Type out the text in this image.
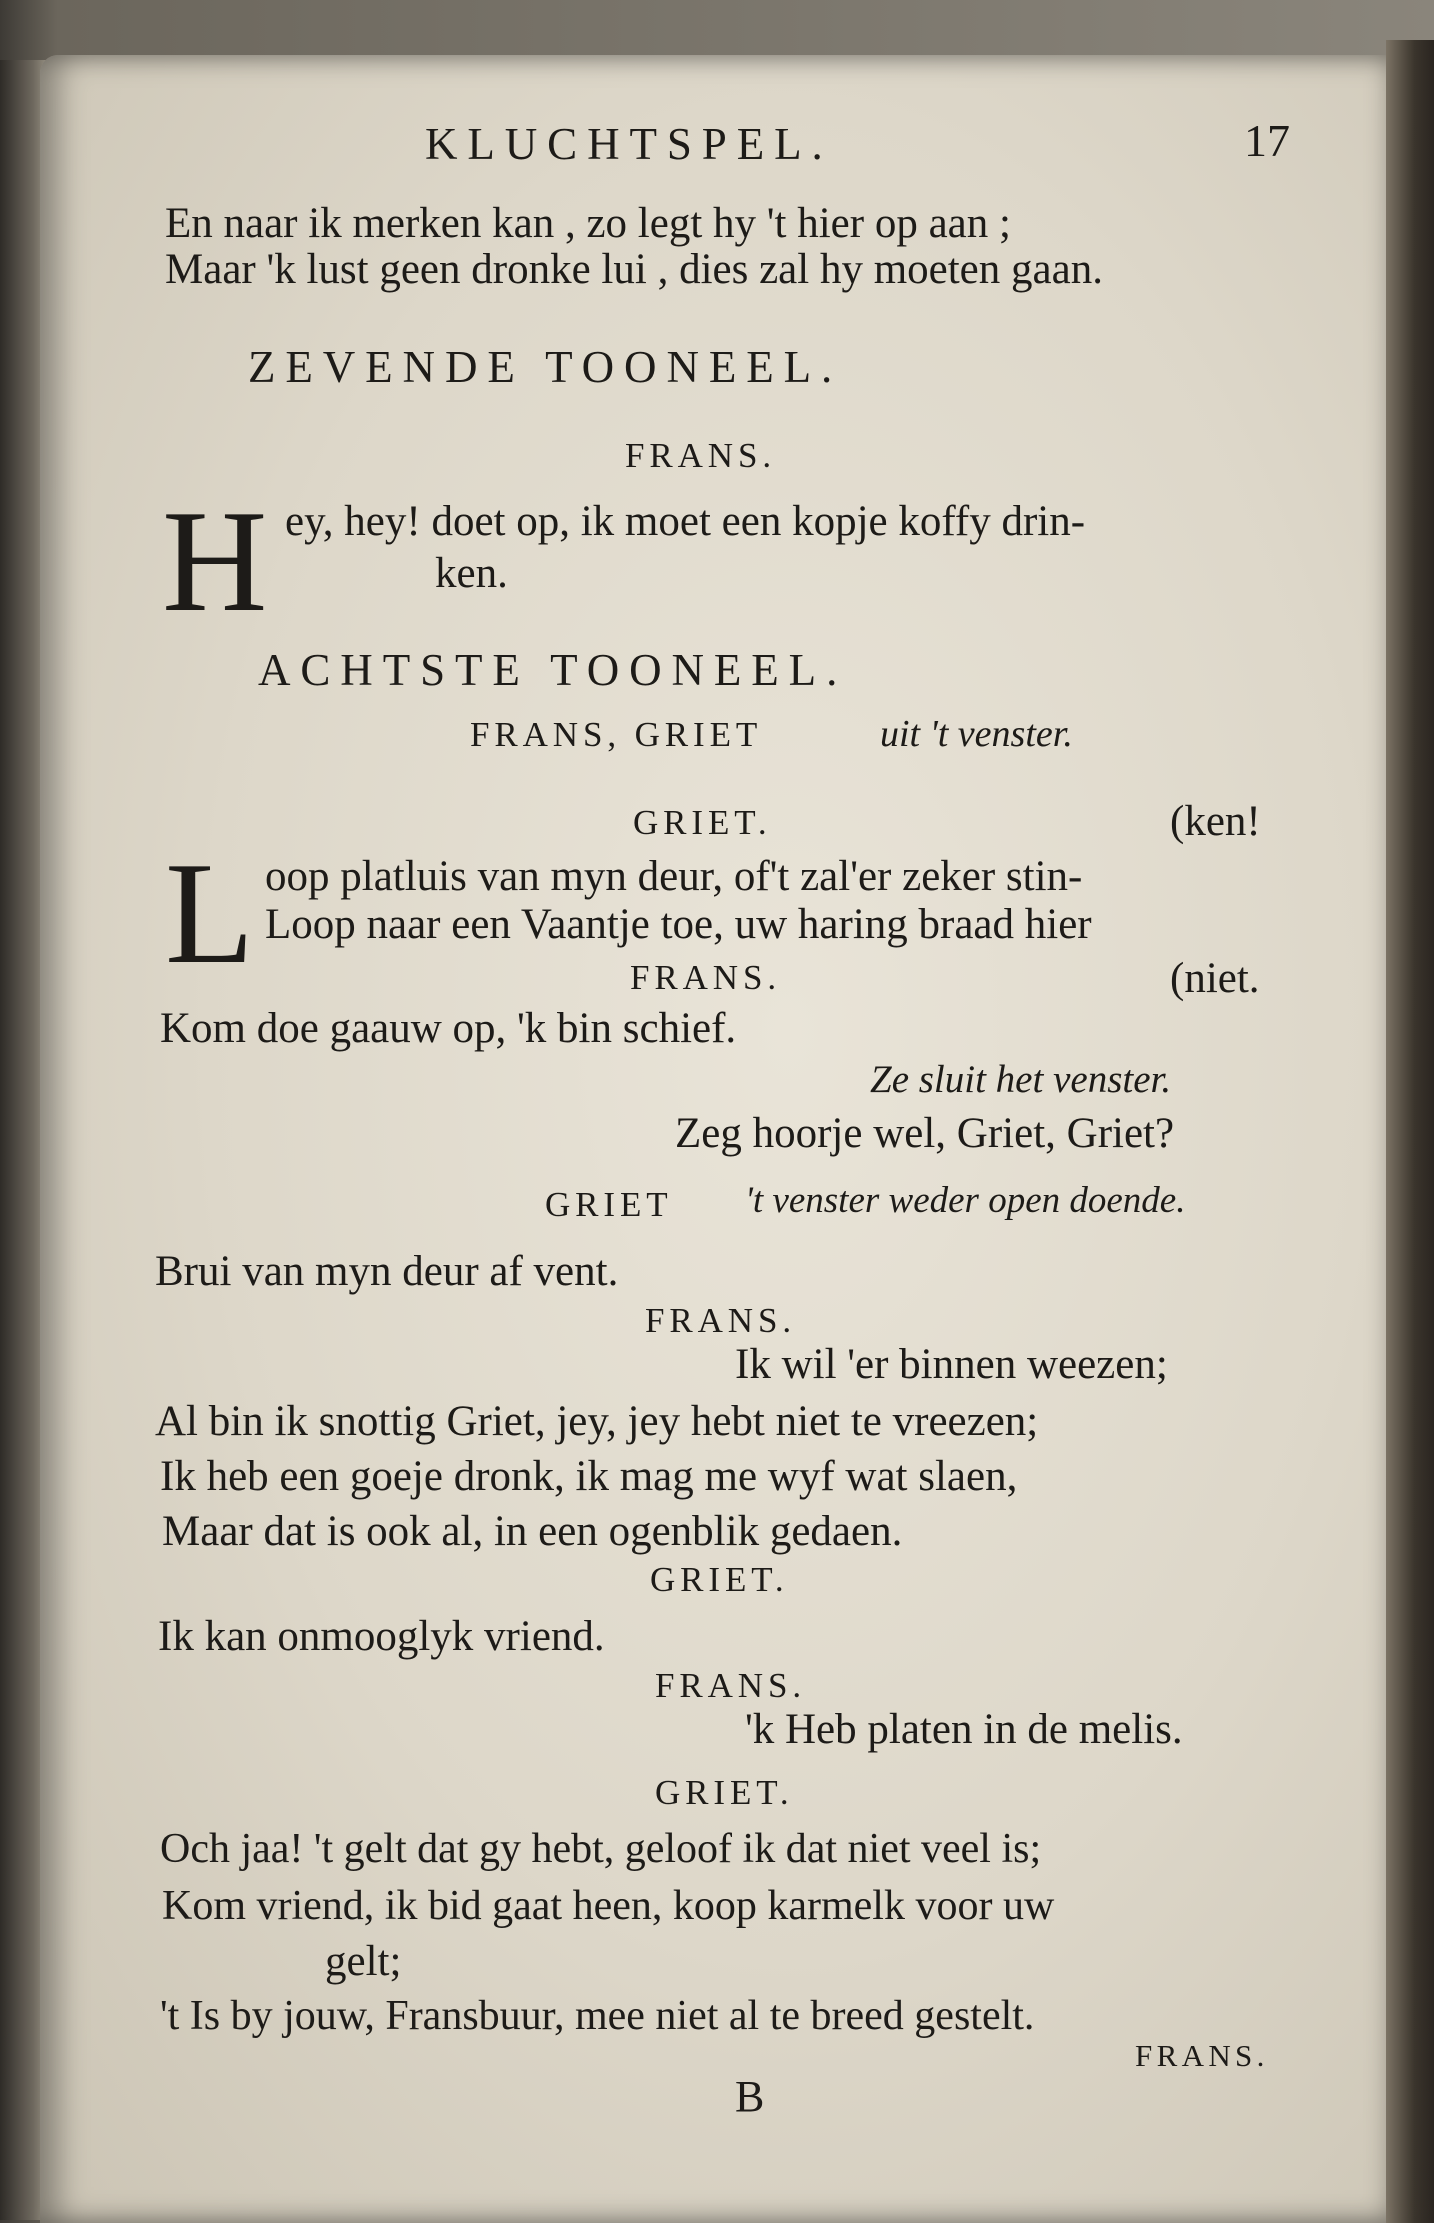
KLUCHTSPEL.	17
En naar ik merken kan , zo legt hy 't hier op aan ;
Maar 'k lust geen dronke lui , dies zal hy moeten gaan.
ZEVENDE TOONEEL.
FRANS.
H ey, hey! doet op, ik moet een kopje koffy drin-
ken.
ACHTSTE TOONEEL.
FRANS, GRIET	uit 't venster.
GRIET.	(ken!
L oop platluis van myn deur, of't zal'er zeker stin-
Loop naar een Vaantje toe, uw haring braad hier
FRANS.	(niet.
Kom doe gaauw op, 'k bin schief.
Ze sluit het venster.
Zeg hoorje wel, Griet, Griet?
GRIET 't venster weder open doende.
Brui van myn deur af vent.
FRANS.
Ik wil 'er binnen weezen;
Al bin ik snottig Griet, jey, jey hebt niet te vreezen;
Ik heb een goeje dronk, ik mag me wyf wat slaen,
Maar dat is ook al, in een ogenblik gedaen.
GRIET.
Ik kan onmooglyk vriend.
FRANS.
'k Heb platen in de melis.
GRIET.
Och jaa! 't gelt dat gy hebt, geloof ik dat niet veel is;
Kom vriend, ik bid gaat heen, koop karmelk voor uw
gelt;
't Is by jouw, Fransbuur, mee niet al te breed gestelt.
FRANS.
B
